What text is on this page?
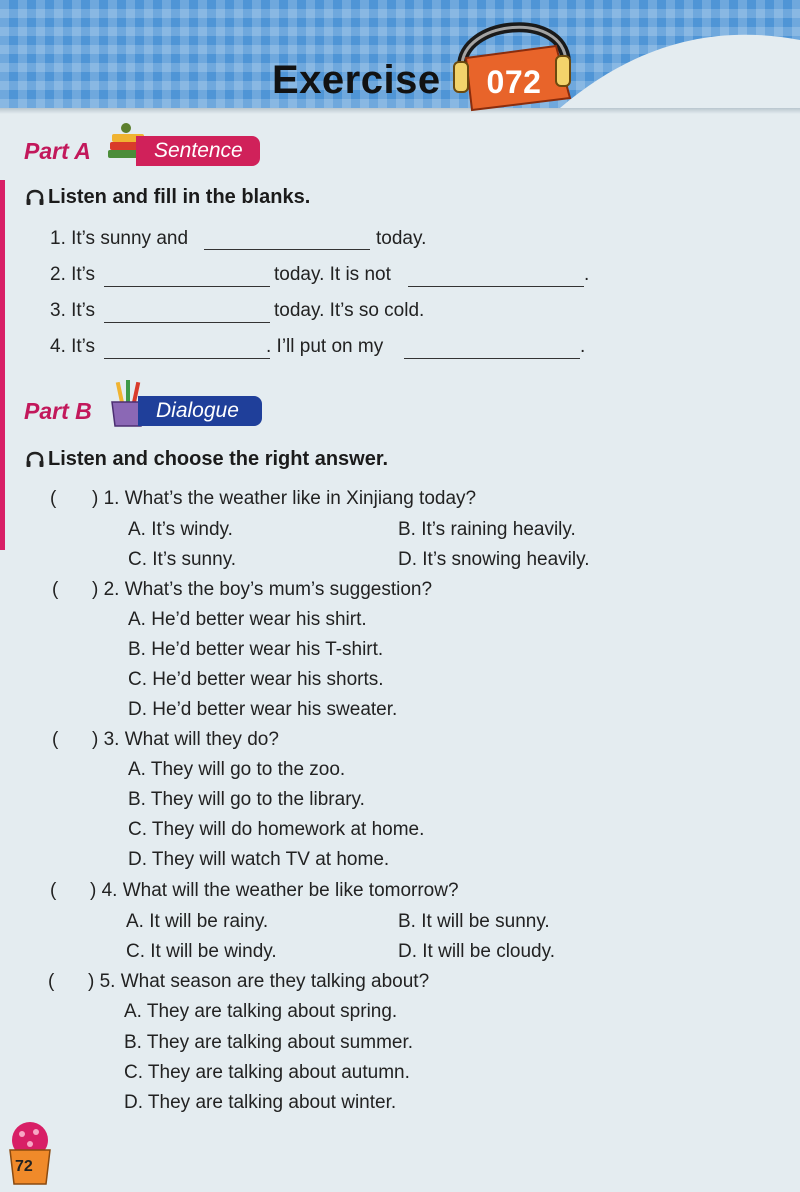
Exercise	072
Part A	Sentence
Listen and fill in the blanks.
1. It’s sunny and	today.
2. It’s	today. It is not	.
3. It’s	today. It’s so cold.
4. It’s	. I’ll put on my	.
Part B	Dialogue
Listen and choose the right answer.
( ) 1. What’s the weather like in Xinjiang today?
A. It’s windy.	B. It’s raining heavily.
C. It’s sunny.	D. It’s snowing heavily.
( ) 2. What’s the boy’s mum’s suggestion?
A. He’d better wear his shirt.
B. He’d better wear his T-shirt.
C. He’d better wear his shorts.
D. He’d better wear his sweater.
( ) 3. What will they do?
A. They will go to the zoo.
B. They will go to the library.
C. They will do homework at home.
D. They will watch TV at home.
( ) 4. What will the weather be like tomorrow?
A. It will be rainy.	B. It will be sunny.
C. It will be windy.	D. It will be cloudy.
( ) 5. What season are they talking about?
A. They are talking about spring.
B. They are talking about summer.
C. They are talking about autumn.
D. They are talking about winter.
72
